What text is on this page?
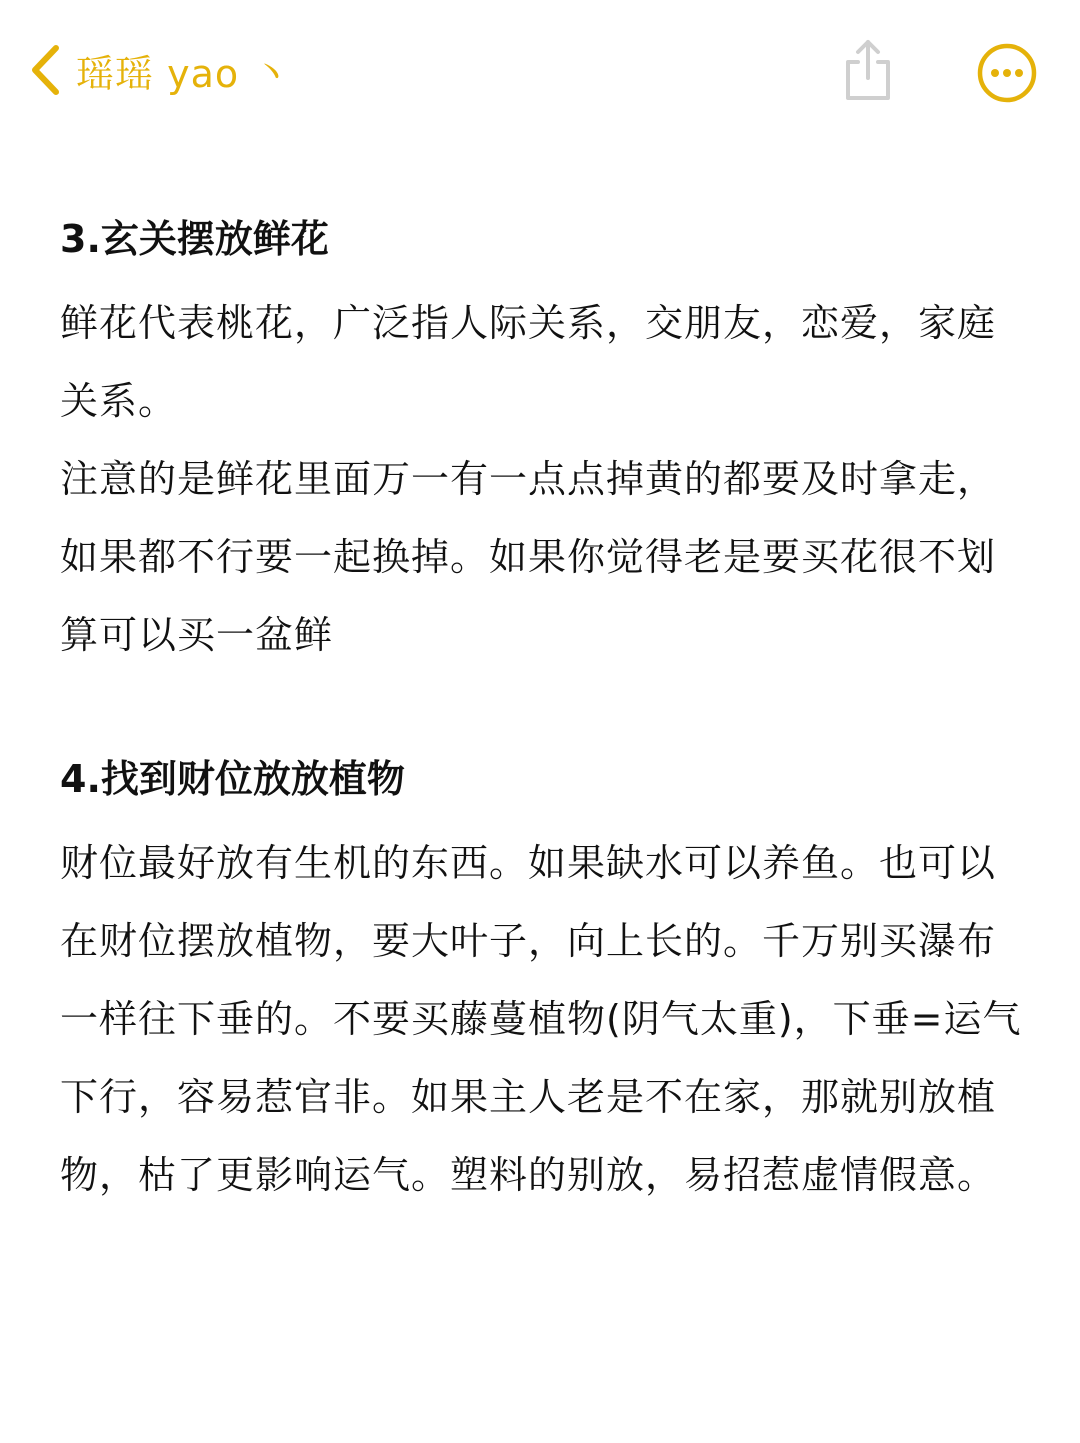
瑶瑶 yao 丶
3.玄关摆放鲜花

鲜花代表桃花，广泛指人际关系，交朋友，恋爱，家庭关系。

注意的是鲜花里面万一有一点点掉黄的都要及时拿走，如果都不行要一起换掉。如果你觉得老是要买花很不划算可以买一盆鲜

4.找到财位放放植物

财位最好放有生机的东西。如果缺水可以养鱼。也可以在财位摆放植物，要大叶子，向上长的。千万别买瀑布一样往下垂的。不要买藤蔓植物(阴气太重)，下垂=运气下行，容易惹官非。如果主人老是不在家，那就别放植物，枯了更影响运气。塑料的别放，易招惹虚情假意。
